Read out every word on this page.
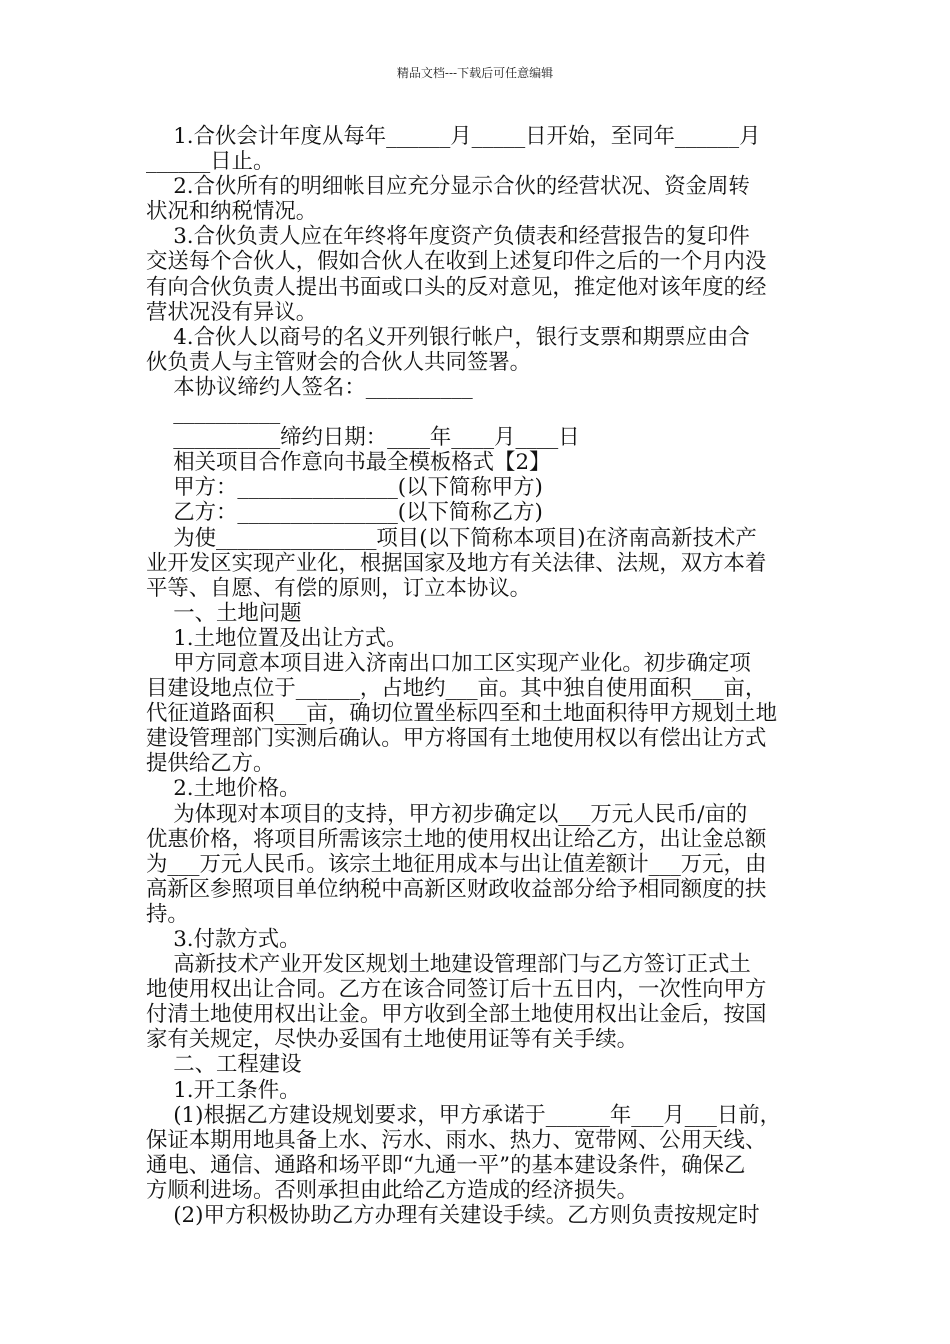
精品文档---下载后可任意编辑
1.合伙会计年度从每年______月_____日开始，至同年______月
______日止。
2.合伙所有的明细帐目应充分显示合伙的经营状况、资金周转
状况和纳税情况。
3.合伙负责人应在年终将年度资产负债表和经营报告的复印件
交送每个合伙人，假如合伙人在收到上述复印件之后的一个月内没
有向合伙负责人提出书面或口头的反对意见，推定他对该年度的经
营状况没有异议。
4.合伙人以商号的名义开列银行帐户，银行支票和期票应由合
伙负责人与主管财会的合伙人共同签署。
本协议缔约人签名：__________
__________
__________缔约日期：____年____月____日
相关项目合作意向书最全模板格式【2】
甲方：_______________(以下简称甲方)
乙方：_______________(以下简称乙方)
为使_______________项目(以下简称本项目)在济南高新技术产
业开发区实现产业化，根据国家及地方有关法律、法规，双方本着
平等、自愿、有偿的原则，订立本协议。
一、土地问题
1.土地位置及出让方式。
甲方同意本项目进入济南出口加工区实现产业化。初步确定项
目建设地点位于______，占地约___亩。其中独自使用面积___亩，
代征道路面积___亩，确切位置坐标四至和土地面积待甲方规划土地
建设管理部门实测后确认。甲方将国有土地使用权以有偿出让方式
提供给乙方。
2.土地价格。
为体现对本项目的支持，甲方初步确定以___万元人民币/亩的
优惠价格，将项目所需该宗土地的使用权出让给乙方，出让金总额
为___万元人民币。该宗土地征用成本与出让值差额计___万元，由
高新区参照项目单位纳税中高新区财政收益部分给予相同额度的扶
持。
3.付款方式。
高新技术产业开发区规划土地建设管理部门与乙方签订正式土
地使用权出让合同。乙方在该合同签订后十五日内，一次性向甲方
付清土地使用权出让金。甲方收到全部土地使用权出让金后，按国
家有关规定，尽快办妥国有土地使用证等有关手续。
二、工程建设
1.开工条件。
(1)根据乙方建设规划要求，甲方承诺于______年___月___日前，
保证本期用地具备上水、污水、雨水、热力、宽带网、公用天线、
通电、通信、通路和场平即“九通一平”的基本建设条件，确保乙
方顺利进场。否则承担由此给乙方造成的经济损失。
(2)甲方积极协助乙方办理有关建设手续。乙方则负责按规定时
